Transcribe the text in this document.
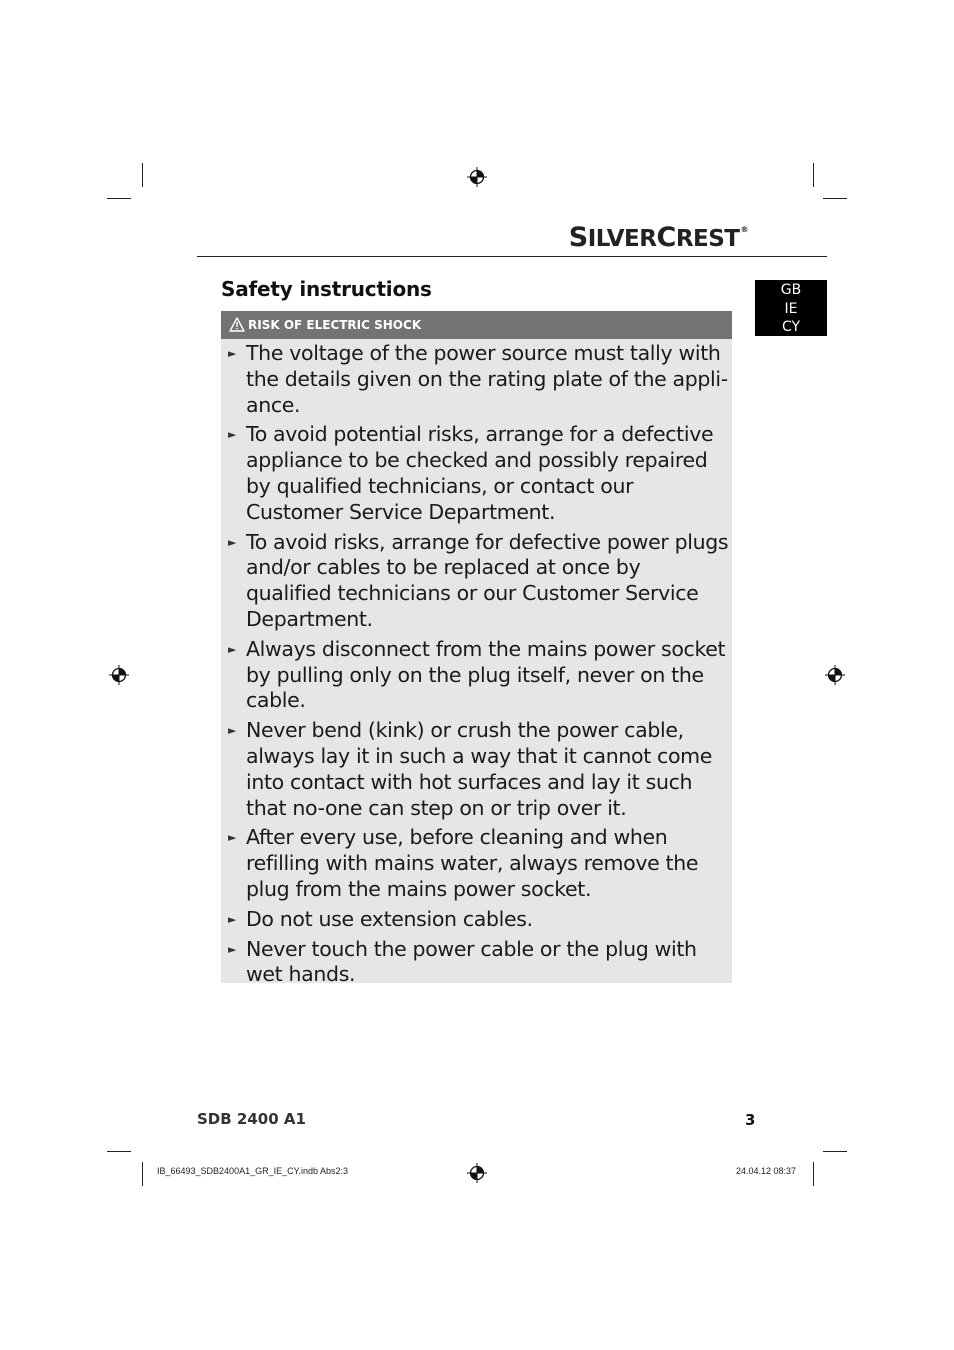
SILVERCREST®
GB
IE
CY
Safety instructions
RISK OF ELECTRIC SHOCK
► The voltage of the power source must tally with the details given on the rating plate of the appli-ance.
► To avoid potential risks, arrange for a defective appliance to be checked and possibly repaired by qualified technicians, or contact our Customer Service Department.
► To avoid risks, arrange for defective power plugs and/or cables to be replaced at once by qualified technicians or our Customer Service Department.
► Always disconnect from the mains power socket by pulling only on the plug itself, never on the cable.
► Never bend (kink) or crush the power cable, always lay it in such a way that it cannot come into contact with hot surfaces and lay it such that no-one can step on or trip over it.
► After every use, before cleaning and when refilling with mains water, always remove the plug from the mains power socket.
► Do not use extension cables.
► Never touch the power cable or the plug with wet hands.
SDB 2400 A1	3
IB_66493_SDB2400A1_GR_IE_CY.indb Abs2:3	24.04.12 08:37
